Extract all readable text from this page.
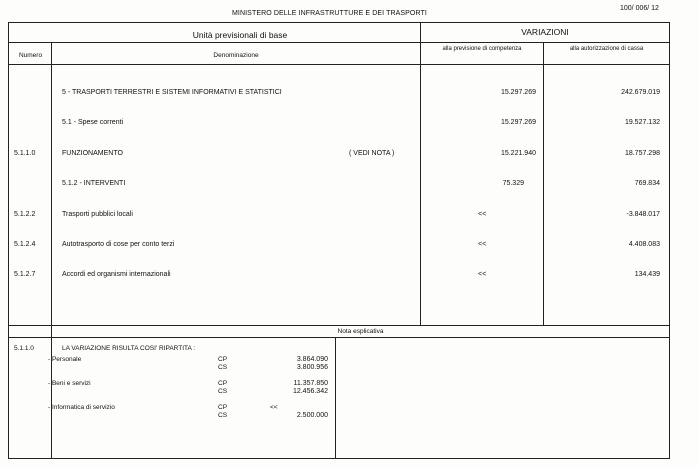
MINISTERO DELLE INFRASTRUTTURE E DEI TRASPORTI
100/ 006/ 12
Unità previsionali di base	VARIAZIONI
Numero	Denominazione
alla previsione di competenza	alla autorizzazione di cassa
5 - TRASPORTI TERRESTRI E SISTEMI INFORMATIVI E STATISTICI	15.297.269	242.679.019
5.1 - Spese correnti	15.297.269	19.527.132
5.1.1.0	FUNZIONAMENTO	( VEDI NOTA )	15.221.940	18.757.298
5.1.2 - INTERVENTI	75.329	769.834
5.1.2.2	Trasporti pubblici locali	<<	-3.848.017
5.1.2.4	Autotrasporto di cose per conto terzi	<<	4.408.083
5.1.2.7	Accordi ed organismi internazionali	<<	134.439
Nota esplicativa
5.1.1.0	LA VARIAZIONE RISULTA COSI' RIPARTITA :
- Personale	CP	3.864.090
CS	3.800.956
- Beni e servizi	CP	11.357.850
CS	12.456.342
- Informatica di servizio	CP	<<
CS	2.500.000
